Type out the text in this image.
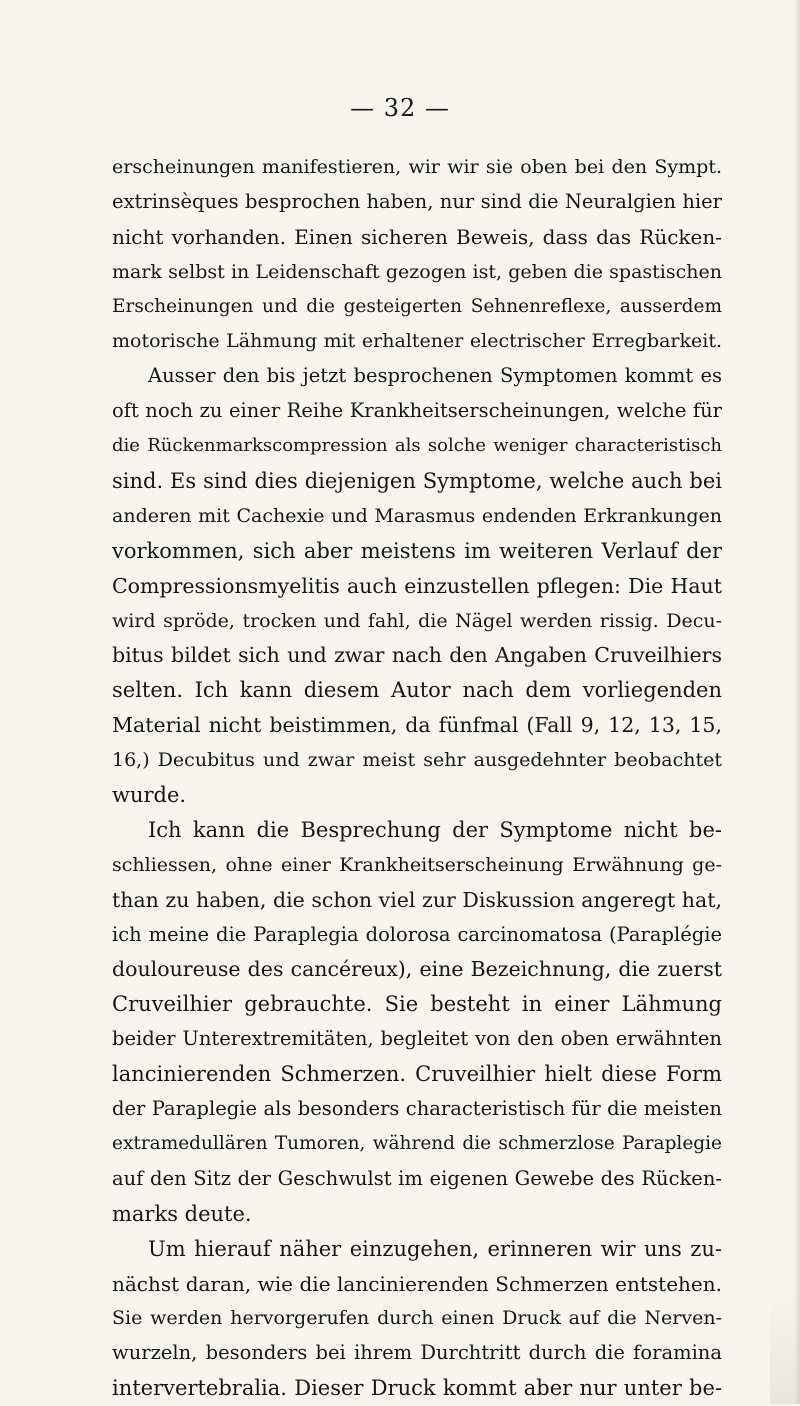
— 32 —
erscheinungen manifestieren, wir wir sie oben bei den Sympt.
extrinsèques besprochen haben, nur sind die Neuralgien hier
nicht vorhanden. Einen sicheren Beweis, dass das Rücken-
mark selbst in Leidenschaft gezogen ist, geben die spastischen
Erscheinungen und die gesteigerten Sehnenreflexe, ausserdem
motorische Lähmung mit erhaltener electrischer Erregbarkeit.
Ausser den bis jetzt besprochenen Symptomen kommt es
oft noch zu einer Reihe Krankheitserscheinungen, welche für
die Rückenmarkscompression als solche weniger characteristisch
sind. Es sind dies diejenigen Symptome, welche auch bei
anderen mit Cachexie und Marasmus endenden Erkrankungen
vorkommen, sich aber meistens im weiteren Verlauf der
Compressionsmyelitis auch einzustellen pflegen: Die Haut
wird spröde, trocken und fahl, die Nägel werden rissig. Decu-
bitus bildet sich und zwar nach den Angaben Cruveilhiers
selten. Ich kann diesem Autor nach dem vorliegenden
Material nicht beistimmen, da fünfmal (Fall 9, 12, 13, 15,
16,) Decubitus und zwar meist sehr ausgedehnter beobachtet
wurde.
Ich kann die Besprechung der Symptome nicht be-
schliessen, ohne einer Krankheitserscheinung Erwähnung ge-
than zu haben, die schon viel zur Diskussion angeregt hat,
ich meine die Paraplegia dolorosa carcinomatosa (Paraplégie
douloureuse des cancéreux), eine Bezeichnung, die zuerst
Cruveilhier gebrauchte. Sie besteht in einer Lähmung
beider Unterextremitäten, begleitet von den oben erwähnten
lancinierenden Schmerzen. Cruveilhier hielt diese Form
der Paraplegie als besonders characteristisch für die meisten
extramedullären Tumoren, während die schmerzlose Paraplegie
auf den Sitz der Geschwulst im eigenen Gewebe des Rücken-
marks deute.
Um hierauf näher einzugehen, erinneren wir uns zu-
nächst daran, wie die lancinierenden Schmerzen entstehen.
Sie werden hervorgerufen durch einen Druck auf die Nerven-
wurzeln, besonders bei ihrem Durchtritt durch die foramina
intervertebralia. Dieser Druck kommt aber nur unter be-
